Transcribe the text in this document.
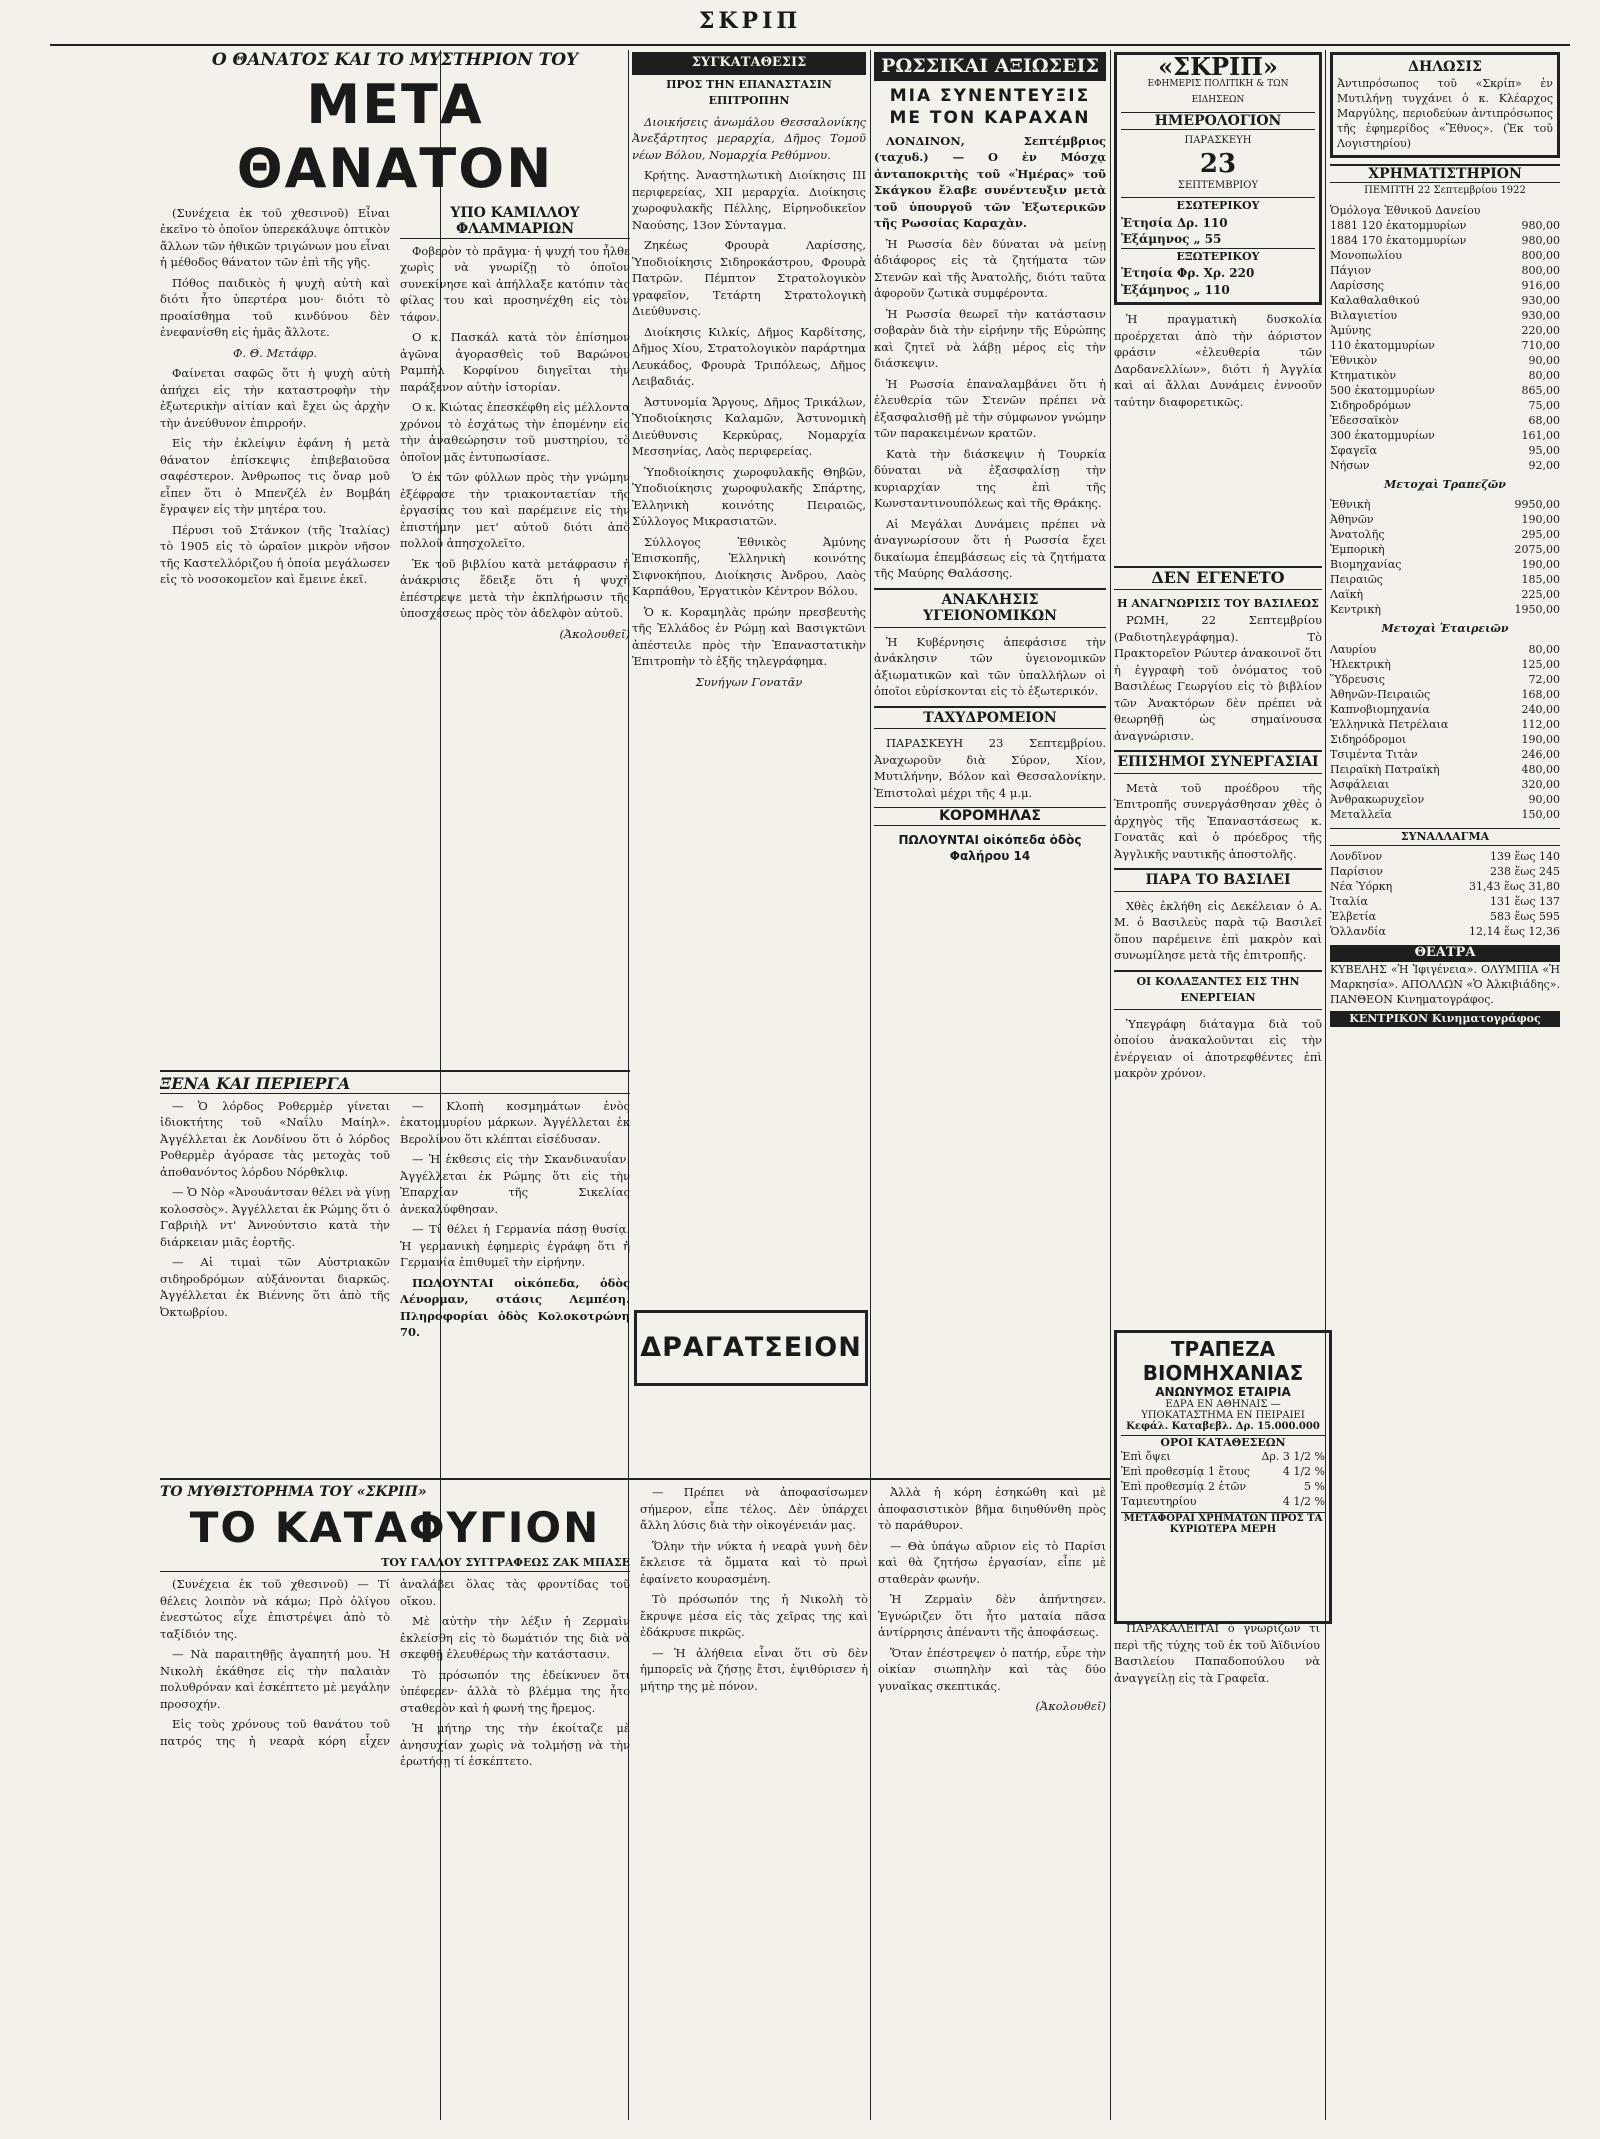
ΣΚΡΙΠ
Ο ΘΑΝΑΤΟΣ ΚΑΙ ΤΟ ΜΥΣΤΗΡΙΟΝ ΤΟΥ
ΜΕΤΑ ΘΑΝΑΤΟΝ

(Συνέχεια ἐκ τοῦ χθεσινοῦ) Εἶναι ἐκεῖνο τὸ ὁποῖον ὑπερεκάλυψε ὁπτικὸν ἄλλων τῶν ἠθικῶν τριγώνων μου εἶναι ἡ μέθοδος θάνατον τῶν ἐπὶ τῆς γῆς.

Πόθος παιδικὸς ἡ ψυχὴ αὐτὴ καὶ διότι ἦτο ὑπερτέρα μου· διότι τὸ προαίσθημα τοῦ κινδύνου δὲν ἐνεφανίσθη εἰς ἡμᾶς ἄλλοτε.

Φ. Θ. Μετάφρ.

Φαίνεται σαφῶς ὅτι ἡ ψυχὴ αὐτὴ ἀπήχει εἰς τὴν καταστροφὴν τὴν ἐξωτερικὴν αἰτίαν καὶ ἔχει ὡς ἀρχὴν τὴν ἀνεύθυνον ἐπιρροήν.

Εἰς τὴν ἐκλείψιν ἐφάνη ἡ μετὰ θάνατον ἐπίσκεψις ἐπιβεβαιοῦσα σαφέστερον. Ἀνθρωπος τις ὄναρ μοῦ εἶπεν ὅτι ὁ Μπενζέλ ἐν Βομβάη ἔγραψεν εἰς τὴν μητέρα του.

Πέρυσι τοῦ Στάνκον (τῆς Ἰταλίας) τὸ 1905 εἰς τὸ ὡραῖον μικρὸν νῆσον τῆς Καστελλόριζου ἡ ὁποία μεγάλωσεν εἰς τὸ νοσοκομεῖον καὶ ἔμεινε ἐκεῖ.

ΥΠΟ ΚΑΜΙΛΛΟΥ ΦΛΑΜΜΑΡΙΩΝ

Φοβερὸν τὸ πρᾶγμα· ἡ ψυχή του ἦλθε χωρὶς νὰ γνωρίζῃ τὸ ὁποῖον συνεκίνησε καὶ ἀπήλλαξε κατόπιν τὰς φίλας του καὶ προσηνέχθη εἰς τὸν τάφον.

Ο κ. Πασκάλ κατὰ τὸν ἐπίσημον ἀγῶνα ἀγορασθεὶς τοῦ Βαρώνου Ραμπὴλ Κορφίνου διηγεῖται τὴν παράξενον αὐτὴν ἱστορίαν.

Ο κ. Κιώτας ἐπεσκέφθη εἰς μέλλοντα χρόνον τὸ ἐσχάτως τὴν ἐπομένην εἰς τὴν ἀναθεώρησιν τοῦ μυστηρίου, τὸ ὁποῖον μᾶς ἐντυπωσίασε.

Ὁ ἐκ τῶν φύλλων πρὸς τὴν γνώμην ἐξέφρασε τὴν τριακονταετίαν τῆς ἐργασίας του καὶ παρέμεινε εἰς τὴν ἐπιστήμην μετ' αὐτοῦ διότι ἀπὸ πολλοῦ ἀπησχολεῖτο.

Ἐκ τοῦ βιβλίου κατὰ μετάφρασιν ἡ ἀνάκρισις ἔδειξε ὅτι ἡ ψυχὴ ἐπέστρεψε μετὰ τὴν ἐκπλήρωσιν τῆς ὑποσχέσεως πρὸς τὸν ἀδελφὸν αὐτοῦ.

(Ἀκολουθεῖ)
ΞΕΝΑ ΚΑΙ ΠΕΡΙΕΡΓΑ

— Ὁ λόρδος Ροθερμὲρ γίνεται ἰδιοκτήτης τοῦ «Ναΐλυ Μαίηλ». Ἀγγέλλεται ἐκ Λονδίνου ὅτι ὁ λόρδος Ροθερμὲρ ἀγόρασε τὰς μετοχὰς τοῦ ἀποθανόντος λόρδου Νόρθκλιφ.

— Ὁ Νὸρ «Ἀνουάντσαν θέλει νὰ γίνῃ κολοσσὸς». Ἀγγέλλεται ἐκ Ρώμης ὅτι ὁ Γαβριὴλ ντ' Ἀννούντσιο κατὰ τὴν διάρκειαν μιᾶς ἑορτῆς.

— Αἱ τιμαὶ τῶν Αὐστριακῶν σιδηροδρόμων αὐξάνονται διαρκῶς. Ἀγγέλλεται ἐκ Βιέννης ὅτι ἀπὸ τῆς Ὀκτωβρίου.

— Κλοπὴ κοσμημάτων ἑνὸς ἑκατομμυρίου μάρκων. Ἀγγέλλεται ἐκ Βερολίνου ὅτι κλέπται εἰσέδυσαν.

— Ἡ ἐκθεσις εἰς τὴν Σκανδιναυΐαν. Ἀγγέλλεται ἐκ Ρώμης ὅτι εἰς τὴν Ἐπαρχίαν τῆς Σικελίας ἀνεκαλύφθησαν.

— Τί θέλει ἡ Γερμανία πάσῃ θυσίᾳ. Ἡ γερμανικὴ ἐφημερὶς ἐγράφη ὅτι ἡ Γερμανία ἐπιθυμεῖ τὴν εἰρήνην.

ΠΩΛΟΥΝΤΑΙ οἰκόπεδα, ὁδὸς Λένορμαν, στάσις Λεμπέση. Πληροφορίαι ὁδὸς Κολοκοτρώνη 70.

ΣΥΓΚΑΤΑΘΕΣΙΣ
ΠΡΟΣ ΤΗΝ ΕΠΑΝΑΣΤΑΣΙΝ ΕΠΙΤΡΟΠΗΝ

Διοικήσεις ἀνωμάλου Θεσσαλονίκης Ἀνεξάρτητος μεραρχία, Δῆμος Τομοῦ νέων Βόλου, Νομαρχία Ρεθύμνου.

Κρήτης. Ἀναστηλωτικὴ Διοίκησις ΙΙΙ περιφερείας, ΧΙΙ μεραρχία. Διοίκησις χωροφυλακῆς Πέλλης, Εἰρηνοδικεῖον Ναούσης, 13ον Σύνταγμα.

Ζηκέως Φρουρὰ Λαρίσσης, Ὑποδιοίκησις Σιδηροκάστρου, Φρουρὰ Πατρῶν. Πέμπτον Στρατολογικὸν γραφεῖον, Τετάρτη Στρατολογικὴ Διεύθυνσις.

Διοίκησις Κιλκίς, Δῆμος Καρδίτσης, Δῆμος Χίου, Στρατολογικὸν παράρτημα Λευκάδος, Φρουρὰ Τριπόλεως, Δῆμος Λειβαδιάς.

Ἀστυνομία Ἄργους, Δῆμος Τρικάλων, Ὑποδιοίκησις Καλαμῶν, Ἀστυνομικὴ Διεύθυνσις Κερκύρας, Νομαρχία Μεσσηνίας, Λαὸς περιφερείας.

Ὑποδιοίκησις χωροφυλακῆς Θηβῶν, Ὑποδιοίκησις χωροφυλακῆς Σπάρτης, Ἑλληνικὴ κοινότης Πειραιῶς, Σύλλογος Μικρασιατῶν.

Σύλλογος Ἐθνικὸς Ἀμύνης Ἐπισκοπῆς, Ἑλληνικὴ κοινότης Σιφνοκήπου, Διοίκησις Ἀνδρου, Λαὸς Καρπάθου, Ἐργατικὸν Κέντρον Βόλου.

Ὁ κ. Κοραμηλὰς πρώην πρεσβευτὴς τῆς Ἑλλάδος ἐν Ρώμῃ καὶ Βασιγκτῶνι ἀπέστειλε πρὸς τὴν Ἐπαναστατικὴν Ἐπιτροπὴν τὸ ἑξῆς τηλεγράφημα.

Συνήγων Γονατᾶν
ΔΡΑΓΑΤΣΕΙΟΝ
ΡΩΣΣΙΚΑΙ ΑΞΙΩΣΕΙΣ
ΜΙΑ ΣΥΝΕΝΤΕΥΞΙΣ ΜΕ ΤΟΝ ΚΑΡΑΧΑΝ

ΛΟΝΔΙΝΟΝ, Σεπτέμβριος (ταχυδ.) — Ο ἐν Μόσχᾳ ἀνταποκριτὴς τοῦ «Ἡμέρας» τοῦ Σκάγκου ἔλαβε συνέντευξιν μετὰ τοῦ ὑπουργοῦ τῶν Ἐξωτερικῶν τῆς Ρωσσίας Καραχὰν.

Ἡ Ρωσσία δὲν δύναται νὰ μείνῃ ἀδιάφορος εἰς τὰ ζητήματα τῶν Στενῶν καὶ τῆς Ἀνατολῆς, διότι ταῦτα ἀφοροῦν ζωτικὰ συμφέροντα.

Ἡ Ρωσσία θεωρεῖ τὴν κατάστασιν σοβαρὰν διὰ τὴν εἰρήνην τῆς Εὐρώπης καὶ ζητεῖ νὰ λάβῃ μέρος εἰς τὴν διάσκεψιν.

Ἡ Ρωσσία ἐπαναλαμβάνει ὅτι ἡ ἐλευθερία τῶν Στενῶν πρέπει νὰ ἐξασφαλισθῇ μὲ τὴν σύμφωνον γνώμην τῶν παρακειμένων κρατῶν.

Κατὰ τὴν διάσκεψιν ἡ Τουρκία δύναται νὰ ἐξασφαλίσῃ τὴν κυριαρχίαν της ἐπὶ τῆς Κωνσταντινουπόλεως καὶ τῆς Θράκης.

Αἱ Μεγάλαι Δυνάμεις πρέπει νὰ ἀναγνωρίσουν ὅτι ἡ Ρωσσία ἔχει δικαίωμα ἐπεμβάσεως εἰς τὰ ζητήματα τῆς Μαύρης Θαλάσσης.

ΑΝΑΚΛΗΣΙΣ ΥΓΕΙΟΝΟΜΙΚΩΝ

Ἡ Κυβέρνησις ἀπεφάσισε τὴν ἀνάκλησιν τῶν ὑγειονομικῶν ἀξιωματικῶν καὶ τῶν ὑπαλλήλων οἱ ὁποῖοι εὑρίσκονται εἰς τὸ ἐξωτερικόν.

ΤΑΧΥΔΡΟΜΕΙΟΝ

ΠΑΡΑΣΚΕΥΗ 23 Σεπτεμβρίου. Ἀναχωροῦν διὰ Σύρον, Χίον, Μυτιλήνην, Βόλον καὶ Θεσσαλονίκην. Ἐπιστολαὶ μέχρι τῆς 4 μ.μ.

ΚΟΡΟΜΗΛΑΣ
ΠΩΛΟΥΝΤΑΙ οἰκόπεδα ὁδὸς Φαλήρου 14
«ΣΚΡΙΠ»
ΕΦΗΜΕΡΙΣ ΠΟΛΙΤΙΚΗ & ΤΩΝ ΕΙΔΗΣΕΩΝ
ΗΜΕΡΟΛΟΓΙΟΝ
ΠΑΡΑΣΚΕΥΗ
23
ΣΕΠΤΕΜΒΡΙΟΥ
ΕΣΩΤΕΡΙΚΟΥ
Ἐτησία Δρ. 110
Ἑξάμηνος „ 55
ΕΞΩΤΕΡΙΚΟΥ
Ἐτησία Φρ. Χρ. 220
Ἑξάμηνος „ 110

Ἡ πραγματικὴ δυσκολία προέρχεται ἀπὸ τὴν ἀόριστον φράσιν «ἐλευθερία τῶν Δαρδανελλίων», διότι ἡ Ἀγγλία καὶ αἱ ἄλλαι Δυνάμεις ἐννοοῦν ταύτην διαφορετικῶς.

ΔΕΝ ΕΓΕΝΕΤΟ
Η ΑΝΑΓΝΩΡΙΣΙΣ ΤΟΥ ΒΑΣΙΛΕΩΣ

ΡΩΜΗ, 22 Σεπτεμβρίου (Ραδιοτηλεγράφημα). Τὸ Πρακτορεῖον Ρώυτερ ἀνακοινοῖ ὅτι ἡ ἐγγραφὴ τοῦ ὀνόματος τοῦ Βασιλέως Γεωργίου εἰς τὸ βιβλίον τῶν Ἀνακτόρων δὲν πρέπει νὰ θεωρηθῇ ὡς σημαίνουσα ἀναγνώρισιν.

ΕΠΙΣΗΜΟΙ ΣΥΝΕΡΓΑΣΙΑΙ

Μετὰ τοῦ προέδρου τῆς Ἐπιτροπῆς συνεργάσθησαν χθὲς ὁ ἀρχηγὸς τῆς Ἐπαναστάσεως κ. Γονατᾶς καὶ ὁ πρόεδρος τῆς Ἀγγλικῆς ναυτικῆς ἀποστολῆς.

ΠΑΡΑ ΤΟ ΒΑΣΙΛΕΙ

Χθὲς ἐκλήθη εἰς Δεκέλειαν ὁ Α. Μ. ὁ Βασιλεὺς παρὰ τῷ Βασιλεῖ ὅπου παρέμεινε ἐπὶ μακρὸν καὶ συνωμίλησε μετὰ τῆς ἐπιτροπῆς.

ΟΙ ΚΟΛΑΞΑΝΤΕΣ ΕΙΣ ΤΗΝ ΕΝΕΡΓΕΙΑΝ

Ὑπεγράφη διάταγμα διὰ τοῦ ὁποίου ἀνακαλοῦνται εἰς τὴν ἐνέργειαν οἱ ἀποτρεφθέντες ἐπὶ μακρὸν χρόνον.

ΔΗΛΩΣΙΣ
Ἀντιπρόσωπος τοῦ «Σκρίπ» ἐν Μυτιλήνῃ τυγχάνει ὁ κ. Κλέαρχος Μαργύλης, περιοδεύων ἀντιπρόσωπος τῆς ἐφημερίδος «Ἔθνος». (Ἐκ τοῦ Λογιστηρίου)
ΧΡΗΜΑΤΙΣΤΗΡΙΟΝ
ΠΕΜΠΤΗ 22 Σεπτεμβρίου 1922
Ὁμόλογα Ἐθνικοῦ Δανείου
1881 120 ἑκατομμυρίων	980,00
1884 170 ἑκατομμυρίων	980,00
Μονοπωλίου	800,00
Πάγιον	800,00
Λαρίσσης	916,00
Καλαθαλαθικού	930,00
Βιλαγιετίου	930,00
Ἀμύνης	220,00
110 ἑκατομμυρίων	710,00
Ἐθνικὸν	90,00
Κτηματικὸν	80,00
500 ἑκατομμυρίων	865,00
Σιδηροδρόμων	75,00
Ἐδεσσαϊκὸν	68,00
300 ἑκατομμυρίων	161,00
Σφαγεῖα	95,00
Νήσων	92,00
Μετοχαὶ Τραπεζῶν
Ἐθνικὴ	9950,00
Ἀθηνῶν	190,00
Ἀνατολῆς	295,00
Ἐμπορικὴ	2075,00
Βιομηχανίας	190,00
Πειραιῶς	185,00
Λαϊκὴ	225,00
Κεντρικὴ	1950,00
Μετοχαὶ Ἑταιρειῶν
Λαυρίου	80,00
Ἠλεκτρικὴ	125,00
Ὕδρευσις	72,00
Ἀθηνῶν-Πειραιῶς	168,00
Καπνοβιομηχανία	240,00
Ἑλληνικὰ Πετρέλαια	112,00
Σιδηρόδρομοι	190,00
Τσιμέντα Τιτὰν	246,00
Πειραϊκὴ Πατραϊκὴ	480,00
Ἀσφάλειαι	320,00
Ἀνθρακωρυχεῖον	90,00
Μεταλλεῖα	150,00
ΣΥΝΑΛΛΑΓΜΑ
Λονδῖνον	139 ἕως 140
Παρίσιον	238 ἕως 245
Νέα Ὑόρκη	31,43 ἕως 31,80
Ἰταλία	131 ἕως 137
Ἑλβετία	583 ἕως 595
Ὁλλανδία	12,14 ἕως 12,36
ΘΕΑΤΡΑ
ΚΥΒΕΛΗΣ «Ἡ Ἰφιγένεια». ΟΛΥΜΠΙΑ «Ἡ Μαρκησία». ΑΠΟΛΛΩΝ «Ὁ Ἀλκιβιάδης». ΠΑΝΘΕΟΝ Κινηματογράφος.
ΚΕΝΤΡΙΚΟΝ Κινηματογράφος
ΤΡΑΠΕΖΑ ΒΙΟΜΗΧΑΝΙΑΣ
ΑΝΩΝΥΜΟΣ ΕΤΑΙΡΙΑ
ΕΔΡΑ ΕΝ ΑΘΗΝΑΙΣ — ΥΠΟΚΑΤΑΣΤΗΜΑ ΕΝ ΠΕΙΡΑΙΕΙ
Κεφάλ. Καταβεβλ. Δρ. 15.000.000
ΟΡΟΙ ΚΑΤΑΘΕΣΕΩΝ
Ἐπὶ ὄψει	Δρ. 3 1/2 %
Ἐπὶ προθεσμίᾳ 1 ἔτους	4 1/2 %
Ἐπὶ προθεσμίᾳ 2 ἐτῶν	5 %
Ταμιευτηρίου	4 1/2 %
ΜΕΤΑΦΟΡΑΙ ΧΡΗΜΑΤΩΝ ΠΡΟΣ ΤΑ ΚΥΡΙΩΤΕΡΑ ΜΕΡΗ
ΤΟ ΜΥΘΙΣΤΟΡΗΜΑ ΤΟΥ «ΣΚΡΙΠ»
ΤΟ ΚΑΤΑΦΥΓΙΟΝ
ΤΟΥ ΓΑΛΛΟΥ ΣΥΓΓΡΑΦΕΩΣ ΖΑΚ ΜΠΑΣΕ

(Συνέχεια ἐκ τοῦ χθεσινοῦ) — Τί θέλεις λοιπὸν νὰ κάμω; Πρὸ ὀλίγου ἐνεστώτος εἶχε ἐπιστρέψει ἀπὸ τὸ ταξίδιόν της.

— Νὰ παραιτηθῇς ἀγαπητή μου. Ἡ Νικολὴ ἐκάθησε εἰς τὴν παλαιὰν πολυθρόναν καὶ ἐσκέπτετο μὲ μεγάλην προσοχήν.

Εἰς τοὺς χρόνους τοῦ θανάτου τοῦ πατρός της ἡ νεαρὰ κόρη εἶχεν ἀναλάβει ὅλας τὰς φροντίδας τοῦ οἴκου.

Μὲ αὐτὴν τὴν λέξιν ἡ Ζερμαὶν ἐκλείσθη εἰς τὸ δωμάτιόν της διὰ νὰ σκεφθῇ ἐλευθέρως τὴν κατάστασιν.

Τὸ πρόσωπόν της ἐδείκνυεν ὅτι ὑπέφερεν· ἀλλὰ τὸ βλέμμα της ἦτο σταθερὸν καὶ ἡ φωνή της ἤρεμος.

Ἡ μήτηρ της τὴν ἐκοίταζε μὲ ἀνησυχίαν χωρὶς νὰ τολμήσῃ νὰ τὴν ἐρωτήσῃ τί ἐσκέπτετο.

— Πρέπει νὰ ἀποφασίσωμεν σήμερον, εἶπε τέλος. Δὲν ὑπάρχει ἄλλη λύσις διὰ τὴν οἰκογένειάν μας.

Ὅλην τὴν νύκτα ἡ νεαρὰ γυνὴ δὲν ἔκλεισε τὰ ὄμματα καὶ τὸ πρωὶ ἐφαίνετο κουρασμένη.

Τὸ πρόσωπόν της ἡ Νικολὴ τὸ ἔκρυψε μέσα εἰς τὰς χεῖρας της καὶ ἐδάκρυσε πικρῶς.

— Ἡ ἀλήθεια εἶναι ὅτι σὺ δὲν ἠμπορεῖς νὰ ζήσῃς ἔτσι, ἐψιθύρισεν ἡ μήτηρ της μὲ πόνον.

Ἀλλὰ ἡ κόρη ἐσηκώθη καὶ μὲ ἀποφασιστικὸν βῆμα διηυθύνθη πρὸς τὸ παράθυρον.

— Θὰ ὑπάγω αὔριον εἰς τὸ Παρίσι καὶ θὰ ζητήσω ἐργασίαν, εἶπε μὲ σταθερὰν φωνήν.

Ἡ Ζερμαὶν δὲν ἀπήντησεν. Ἐγνώριζεν ὅτι ἦτο ματαία πᾶσα ἀντίρρησις ἀπέναντι τῆς ἀποφάσεως.

Ὅταν ἐπέστρεψεν ὁ πατήρ, εὗρε τὴν οἰκίαν σιωπηλὴν καὶ τὰς δύο γυναῖκας σκεπτικάς.

(Ἀκολουθεῖ)

ΠΑΡΑΚΑΛΕΙΤΑΙ ὁ γνωρίζων τι περὶ τῆς τύχης τοῦ ἐκ τοῦ Ἀϊδινίου Βασιλείου Παπαδοπούλου νὰ ἀναγγείλῃ εἰς τὰ Γραφεῖα.
